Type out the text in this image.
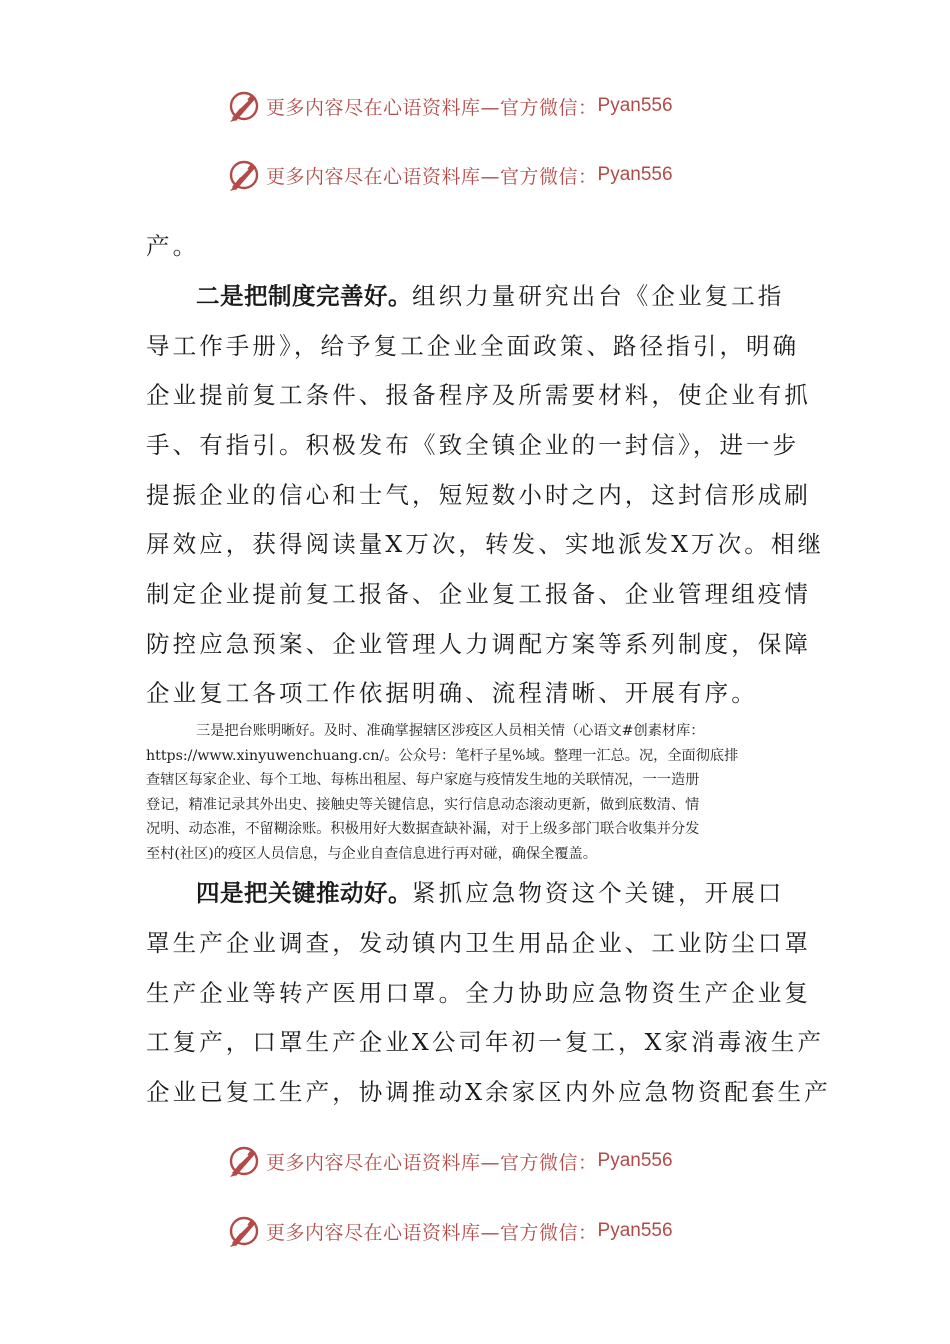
更多内容尽在心语资料库—官方微信： Pyan556
更多内容尽在心语资料库—官方微信： Pyan556
产。
二是把制度完善好。组织力量研究出台《企业复工指
导工作手册》，给予复工企业全面政策、路径指引，明确
企业提前复工条件、报备程序及所需要材料，使企业有抓
手、有指引。积极发布《致全镇企业的一封信》，进一步
提振企业的信心和士气，短短数小时之内，这封信形成刷
屏效应，获得阅读量X万次，转发、实地派发X万次。相继
制定企业提前复工报备、企业复工报备、企业管理组疫情
防控应急预案、企业管理人力调配方案等系列制度，保障
企业复工各项工作依据明确、流程清晰、开展有序。
三是把台账明晰好。及时、准确掌握辖区涉疫区人员相关情（心语文#创素材库：
https://www.xinyuwenchuang.cn/。公众号：笔杆子星%域。整理一汇总。况，全面彻底排
查辖区每家企业、每个工地、每栋出租屋、每户家庭与疫情发生地的关联情况，一一造册
登记，精准记录其外出史、接触史等关键信息，实行信息动态滚动更新，做到底数清、情
况明、动态准，不留糊涂账。积极用好大数据查缺补漏，对于上级多部门联合收集并分发
至村(社区)的疫区人员信息，与企业自查信息进行再对碰，确保全覆盖。
四是把关键推动好。紧抓应急物资这个关键，开展口
罩生产企业调查，发动镇内卫生用品企业、工业防尘口罩
生产企业等转产医用口罩。全力协助应急物资生产企业复
工复产，口罩生产企业X公司年初一复工，X家消毒液生产
企业已复工生产，协调推动X余家区内外应急物资配套生产
更多内容尽在心语资料库—官方微信： Pyan556
更多内容尽在心语资料库—官方微信： Pyan556
